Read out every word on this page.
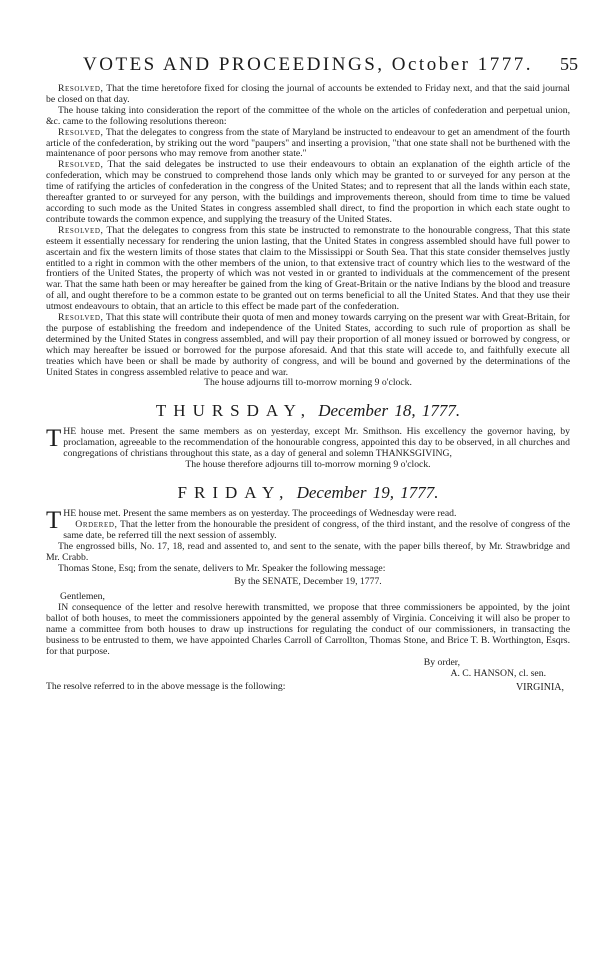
VOTES AND PROCEEDINGS, October 1777. 55

Resolved, That the time heretofore fixed for closing the journal of accounts be extended to Friday next, and that the said journal be closed on that day.

The house taking into consideration the report of the committee of the whole on the articles of confederation and perpetual union, &c. came to the following resolutions thereon:

Resolved, That the delegates to congress from the state of Maryland be instructed to endeavour to get an amendment of the fourth article of the confederation, by striking out the word "paupers" and inserting a provision, "that one state shall not be burthened with the maintenance of poor persons who may remove from another state."

Resolved, That the said delegates be instructed to use their endeavours to obtain an explanation of the eighth article of the confederation, which may be construed to comprehend those lands only which may be granted to or surveyed for any person at the time of ratifying the articles of confederation in the congress of the United States; and to represent that all the lands within each state, thereafter granted to or surveyed for any person, with the buildings and improvements thereon, should from time to time be valued according to such mode as the United States in congress assembled shall direct, to find the proportion in which each state ought to contribute towards the common expence, and supplying the treasury of the United States.

Resolved, That the delegates to congress from this state be instructed to remonstrate to the honourable congress, That this state esteem it essentially necessary for rendering the union lasting, that the United States in congress assembled should have full power to ascertain and fix the western limits of those states that claim to the Mississippi or South Sea. That this state consider themselves justly entitled to a right in common with the other members of the union, to that extensive tract of country which lies to the westward of the frontiers of the United States, the property of which was not vested in or granted to individuals at the commencement of the present war. That the same hath been or may hereafter be gained from the king of Great-Britain or the native Indians by the blood and treasure of all, and ought therefore to be a common estate to be granted out on terms beneficial to all the United States. And that they use their utmost endeavours to obtain, that an article to this effect be made part of the confederation.

Resolved, That this state will contribute their quota of men and money towards carrying on the present war with Great-Britain, for the purpose of establishing the freedom and independence of the United States, according to such rule of proportion as shall be determined by the United States in congress assembled, and will pay their proportion of all money issued or borrowed by congress, or which may hereafter be issued or borrowed for the purpose aforesaid. And that this state will accede to, and faithfully execute all treaties which have been or shall be made by authority of congress, and will be bound and governed by the determinations of the United States in congress assembled relative to peace and war.

The house adjourns till to-morrow morning 9 o'clock.

THURSDAY, December 18, 1777.

THE house met. Present the same members as on yesterday, except Mr. Smithson. His excellency the governor having, by proclamation, agreeable to the recommendation of the honourable congress, appointed this day to be observed, in all churches and congregations of christians throughout this state, as a day of general and solemn THANKSGIVING,

The house therefore adjourns till to-morrow morning 9 o'clock.

FRIDAY, December 19, 1777.

THE house met. Present the same members as on yesterday. The proceedings of Wednesday were read.

Ordered, That the letter from the honourable the president of congress, of the third instant, and the resolve of congress of the same date, be referred till the next session of assembly.

The engrossed bills, No. 17, 18, read and assented to, and sent to the senate, with the paper bills thereof, by Mr. Strawbridge and Mr. Crabb.

Thomas Stone, Esq; from the senate, delivers to Mr. Speaker the following message:

By the SENATE, December 19, 1777.

Gentlemen,

IN consequence of the letter and resolve herewith transmitted, we propose that three commissioners be appointed, by the joint ballot of both houses, to meet the commissioners appointed by the general assembly of Virginia. Conceiving it will also be proper to name a committee from both houses to draw up instructions for regulating the conduct of our commissioners, in transacting the business to be entrusted to them, we have appointed Charles Carroll of Carrollton, Thomas Stone, and Brice T. B. Worthington, Esqrs. for that purpose.

By order,

A. C. HANSON, cl. sen.

The resolve referred to in the above message is the following:	VIRGINIA,
